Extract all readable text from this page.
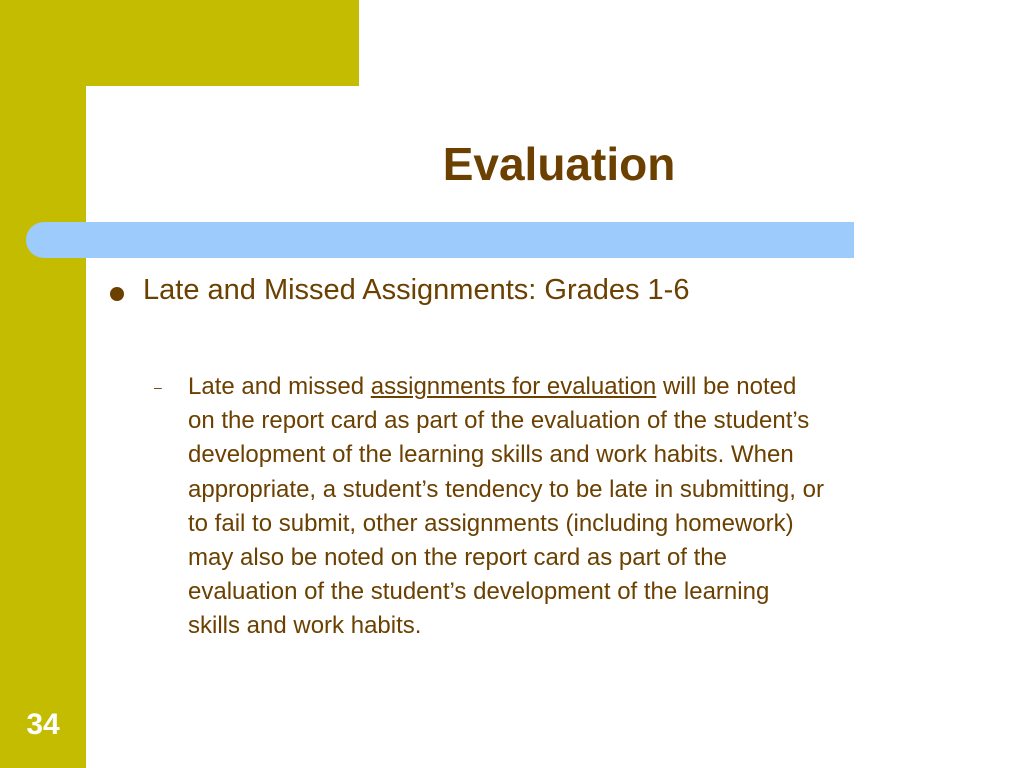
Evaluation
Late and Missed Assignments: Grades 1-6
– Late and missed assignments for evaluation will be noted
on the report card as part of the evaluation of the student’s
development of the learning skills and work habits. When
appropriate, a student’s tendency to be late in submitting, or
to fail to submit, other assignments (including homework)
may also be noted on the report card as part of the
evaluation of the student’s development of the learning
skills and work habits.

34
